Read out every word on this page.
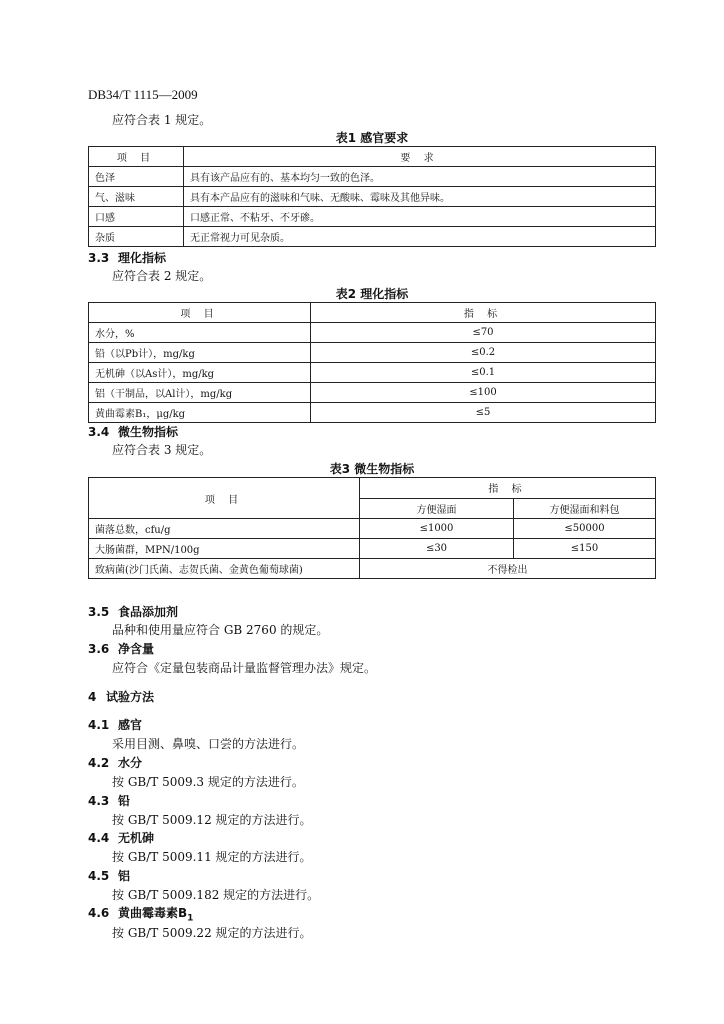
DB34/T 1115—2009
应符合表 1 规定。
表1 感官要求
项 目	要 求
色泽	具有该产品应有的、基本均匀一致的色泽。
气、滋味	具有本产品应有的滋味和气味、无酸味、霉味及其他异味。
口感	口感正常、不粘牙、不牙碜。
杂质	无正常视力可见杂质。
3.3 理化指标
应符合表 2 规定。
表2 理化指标
项 目	指 标
水分，%	≤70
铅（以Pb计），mg/kg	≤0.2
无机砷（以As计），mg/kg	≤0.1
铝（干制品，以Al计），mg/kg	≤100
黄曲霉素B₁，μg/kg	≤5
3.4 微生物指标
应符合表 3 规定。
表3 微生物指标
项 目	指 标	
	方便湿面	方便湿面和料包
菌落总数，cfu/g	≤1000	≤50000
大肠菌群，MPN/100g	≤30	≤150
致病菌(沙门氏菌、志贺氏菌、金黄色葡萄球菌)	不得检出	
3.5 食品添加剂
品种和使用量应符合 GB 2760 的规定。
3.6 净含量
应符合《定量包装商品计量监督管理办法》规定。
4 试验方法
4.1 感官
采用目测、鼻嗅、口尝的方法进行。
4.2 水分
按 GB/T 5009.3 规定的方法进行。
4.3 铅
按 GB/T 5009.12 规定的方法进行。
4.4 无机砷
按 GB/T 5009.11 规定的方法进行。
4.5 铝
按 GB/T 5009.182 规定的方法进行。
4.6 黄曲霉毒素$B_1$
按 GB/T 5009.22 规定的方法进行。
